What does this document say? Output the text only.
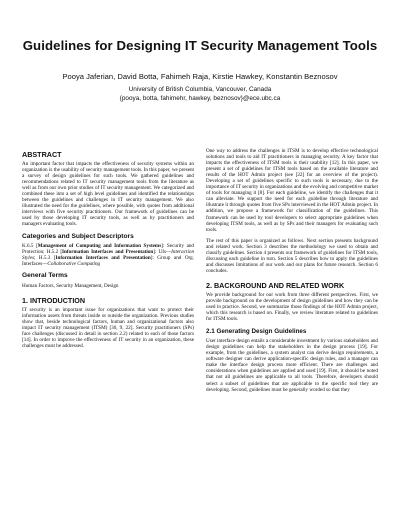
Guidelines for Designing IT Security Management Tools
Pooya Jaferian, David Botta, Fahimeh Raja, Kirstie Hawkey, Konstantin Beznosov
University of British Columbia, Vancouver, Canada
{pooya, botta, fahimehr, hawkey, beznosov}@ece.ubc.ca
ABSTRACT

An important factor that impacts the effectiveness of security systems within an organization is the usability of security management tools. In this paper, we present a survey of design guidelines for such tools. We gathered guidelines and recommendations related to IT security management tools from the literature as well as from our own prior studies of IT security management. We categorized and combined these into a set of high level guidelines and identified the relationships between the guidelines and challenges in IT security management. We also illustrated the need for the guidelines, where possible, with quotes from additional interviews with five security practitioners. Our framework of guidelines can be used by those developing IT security tools, as well as by practitioners and managers evaluating tools.

Categories and Subject Descriptors

K.6.5 [Management of Computing and Information Systems]: Security and Protection; H.5.2 [Information Interfaces and Presentation]: UIs—Interaction Styles; H.5.3 [Information Interfaces and Presentation]: Group and Org. Interfaces—Collaborative Computing

General Terms

Human Factors, Security Management, Design

1. INTRODUCTION

IT security is an important issue for organizations that want to protect their information assets from threats inside or outside the organization. Previous studies show that, beside technological factors, human and organizational factors also impact IT security management (ITSM) [30, 9, 22]. Security practitioners (SPs) face challenges (discussed in detail in section 2.2) related to each of those factors [14]. In order to improve the effectiveness of IT security in an organization, these challenges must be addressed.

One way to address the challenges in ITSM is to develop effective technological solutions and tools to aid IT practitioners in managing security. A key factor that impacts the effectiveness of ITSM tools is their usability [12]. In this paper, we present a set of guidelines for ITSM tools based on the available literature and results of the HOT Admin project (see [22] for an overview of the project). Developing a set of guidelines specific to such tools is necessary, due to the importance of IT security in organizations and the evolving and competitive market of tools for managing it [8]. For each guideline, we identify the challenges that it can alleviate. We support the need for each guideline through literature and illustrate it through quotes from five SPs interviewed in the HOT Admin project. In addition, we propose a framework for classification of the guidelines. This framework can be used by tool developers to select appropriate guidelines when developing ITSM tools, as well as by SPs and their managers for evaluating such tools.

The rest of this paper is organized as follows. Next section presents background and related work. Section 3 describes the methodology we used to obtain and classify guidelines. Section 4 presents our framework of guidelines for ITSM tools, discussing each guideline in turn. Section 5 describes how to apply the guidelines and discusses limitations of our work and our plans for future research. Section 6 concludes.

2. BACKGROUND AND RELATED WORK

We provide background for our work from three different perspectives. First, we provide background on the development of design guidelines and how they can be used in practice. Second, we summarize those findings of the HOT Admin project, which this research is based on. Finally, we review literature related to guidelines for ITSM tools.

2.1 Generating Design Guidelines

User interface design entails a considerable investment by various stakeholders and design guidelines can help the stakeholders in the design process [19]. For example, from the guidelines, a system analyst can derive design requirements, a software designer can derive application-specific design rules, and a manager can make the interface design process more efficient. There are challenges and considerations when guidelines are applied and used [19]. First, it should be noted that not all guidelines are applicable to all tools. Therefore, developers should select a subset of guidelines that are applicable to the specific tool they are developing. Second, guidelines must be generally worded so that they
